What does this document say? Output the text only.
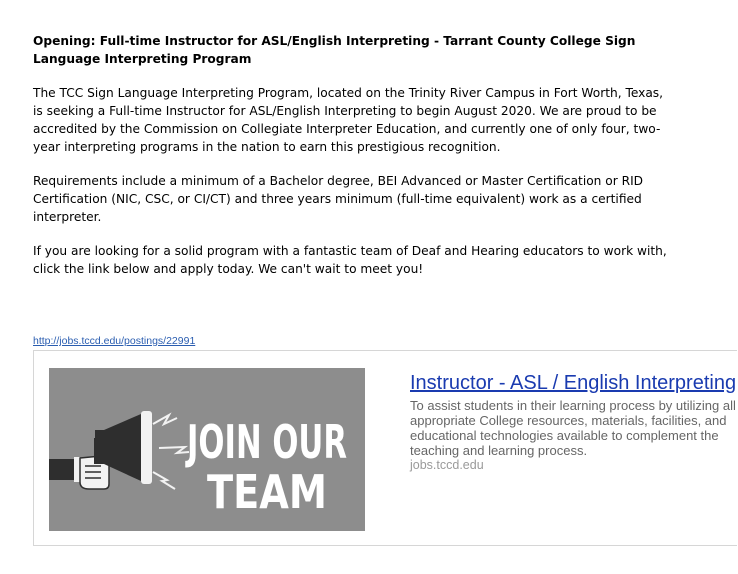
Opening: Full-time Instructor for ASL/English Interpreting - Tarrant County College Sign Language Interpreting Program

The TCC Sign Language Interpreting Program, located on the Trinity River Campus in Fort Worth, Texas, is seeking a Full-time Instructor for ASL/English Interpreting to begin August 2020. We are proud to be accredited by the Commission on Collegiate Interpreter Education, and currently one of only four, two-year interpreting programs in the nation to earn this prestigious recognition.

Requirements include a minimum of a Bachelor degree, BEI Advanced or Master Certification or RID Certification (NIC, CSC, or CI/CT) and three years minimum (full-time equivalent) work as a certified interpreter.

If you are looking for a solid program with a fantastic team of Deaf and Hearing educators to work with, click the link below and apply today. We can't wait to meet you!

http://jobs.tccd.edu/postings/22991
JOIN OUR
TEAM

Instructor - ASL / English Interpreting

To assist students in their learning process by utilizing all appropriate College resources, materials, facilities, and educational technologies available to complement the teaching and learning process.

jobs.tccd.edu
